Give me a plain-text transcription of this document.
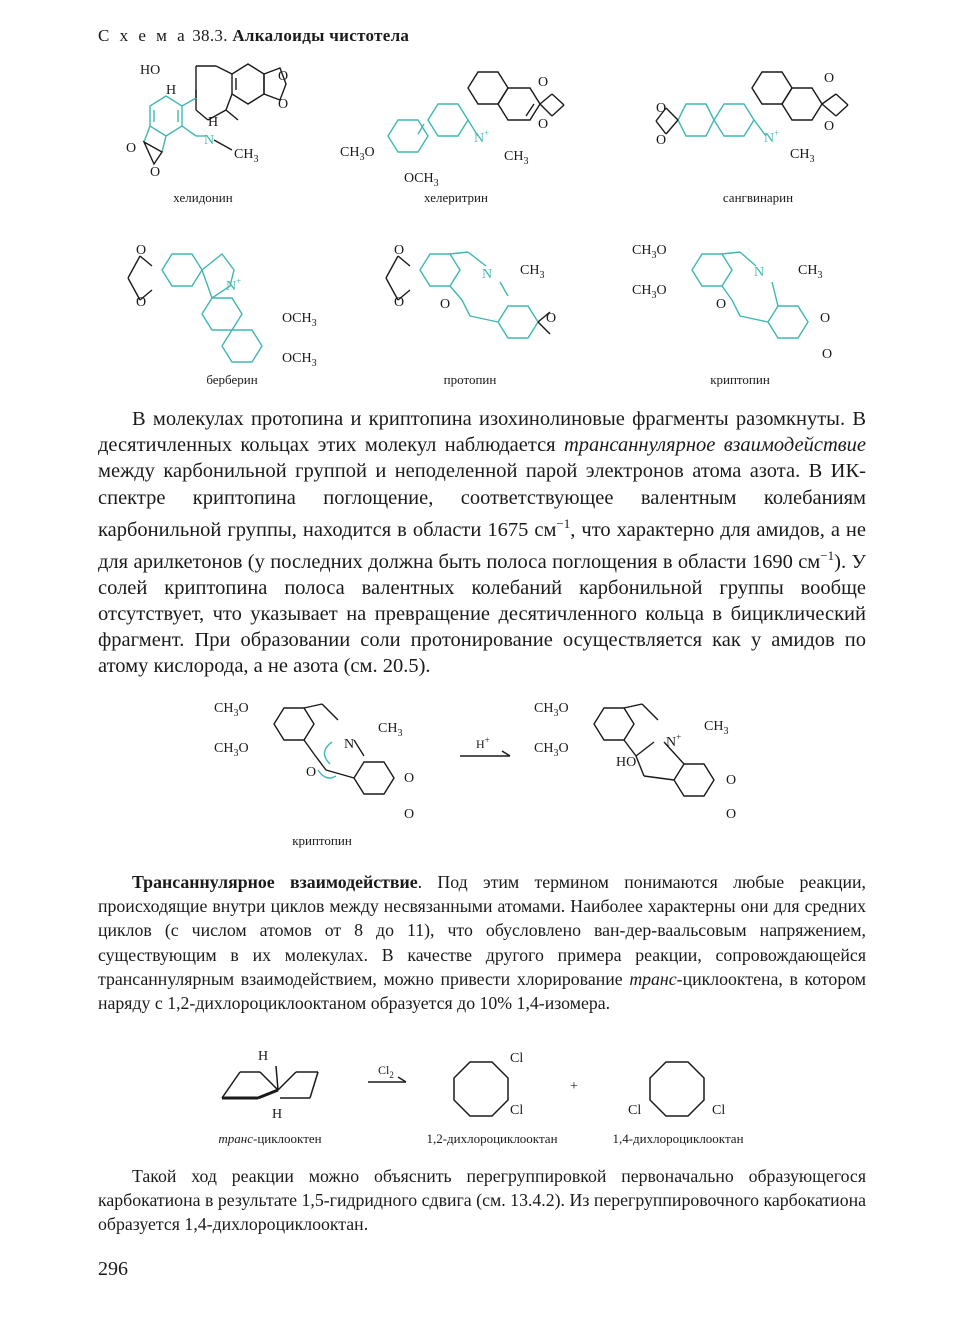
С х е м а 38.3. Алкалоиды чистотела
HO
H
H
N
$CH_3$
O
O
O
O
хелидонин
O
O
N+
$CH_3$
$CH_3O$
$OCH_3$
хелеритрин
O
O
O
O	N+
$CH_3$
сангвинарин
O
O
N+
$OCH_3$
$OCH_3$
берберин
O
O
N $CH_3$
O
O
протопин
$CH_3O$
$CH_3O$
N $CH_3$
O
O
O
криптопин

В молекулах протопина и криптопина изохинолиновые фрагменты разомкнуты. В десятичленных кольцах этих молекул наблюдается трансаннулярное взаимодействие между карбонильной группой и неподеленной парой электронов атома азота. В ИК-спектре криптопина поглощение, соответствующее валентным колебаниям карбонильной группы, находится в области 1675 $см^{-1}$, что характерно для амидов, а не для арилкетонов (у последних должна быть полоса поглощения в области 1690 $см^{-1}$). У солей криптопина полоса валентных колебаний карбонильной группы вообще отсутствует, что указывает на превращение десятичленного кольца в бициклический фрагмент. При образовании соли протонирование осуществляется как у амидов по атому кислорода, а не азота (см. 20.5).

$CH_3O$
$CH_3O$	N
$CH_3$
O	O
O
H+
$CH_3O$
$CH_3O$	N+
$CH_3$
HO
O
O
криптопин

Трансаннулярное взаимодействие. Под этим термином понимаются любые реакции, происходящие внутри циклов между несвязанными атомами. Наиболее характерны они для средних циклов (с числом атомов от 8 до 11), что обусловлено ван-дер-ваальсовым напряжением, существующим в их молекулах. В качестве другого примера реакции, сопровождающейся трансаннулярным взаимодействием, можно привести хлорирование транс-циклооктена, в котором наряду с 1,2-дихлороциклооктаном образуется до 10% 1,4-изомера.

H
H
$Cl_2$
Cl
Cl
+
Cl	Cl
транс-циклооктен	1,2-дихлороциклооктан	1,4-дихлороциклооктан

Такой ход реакции можно объяснить перегруппировкой первоначально образующегося карбокатиона в результате 1,5-гидридного сдвига (см. 13.4.2). Из перегруппировочного карбокатиона образуется 1,4-дихлороциклооктан.

296
